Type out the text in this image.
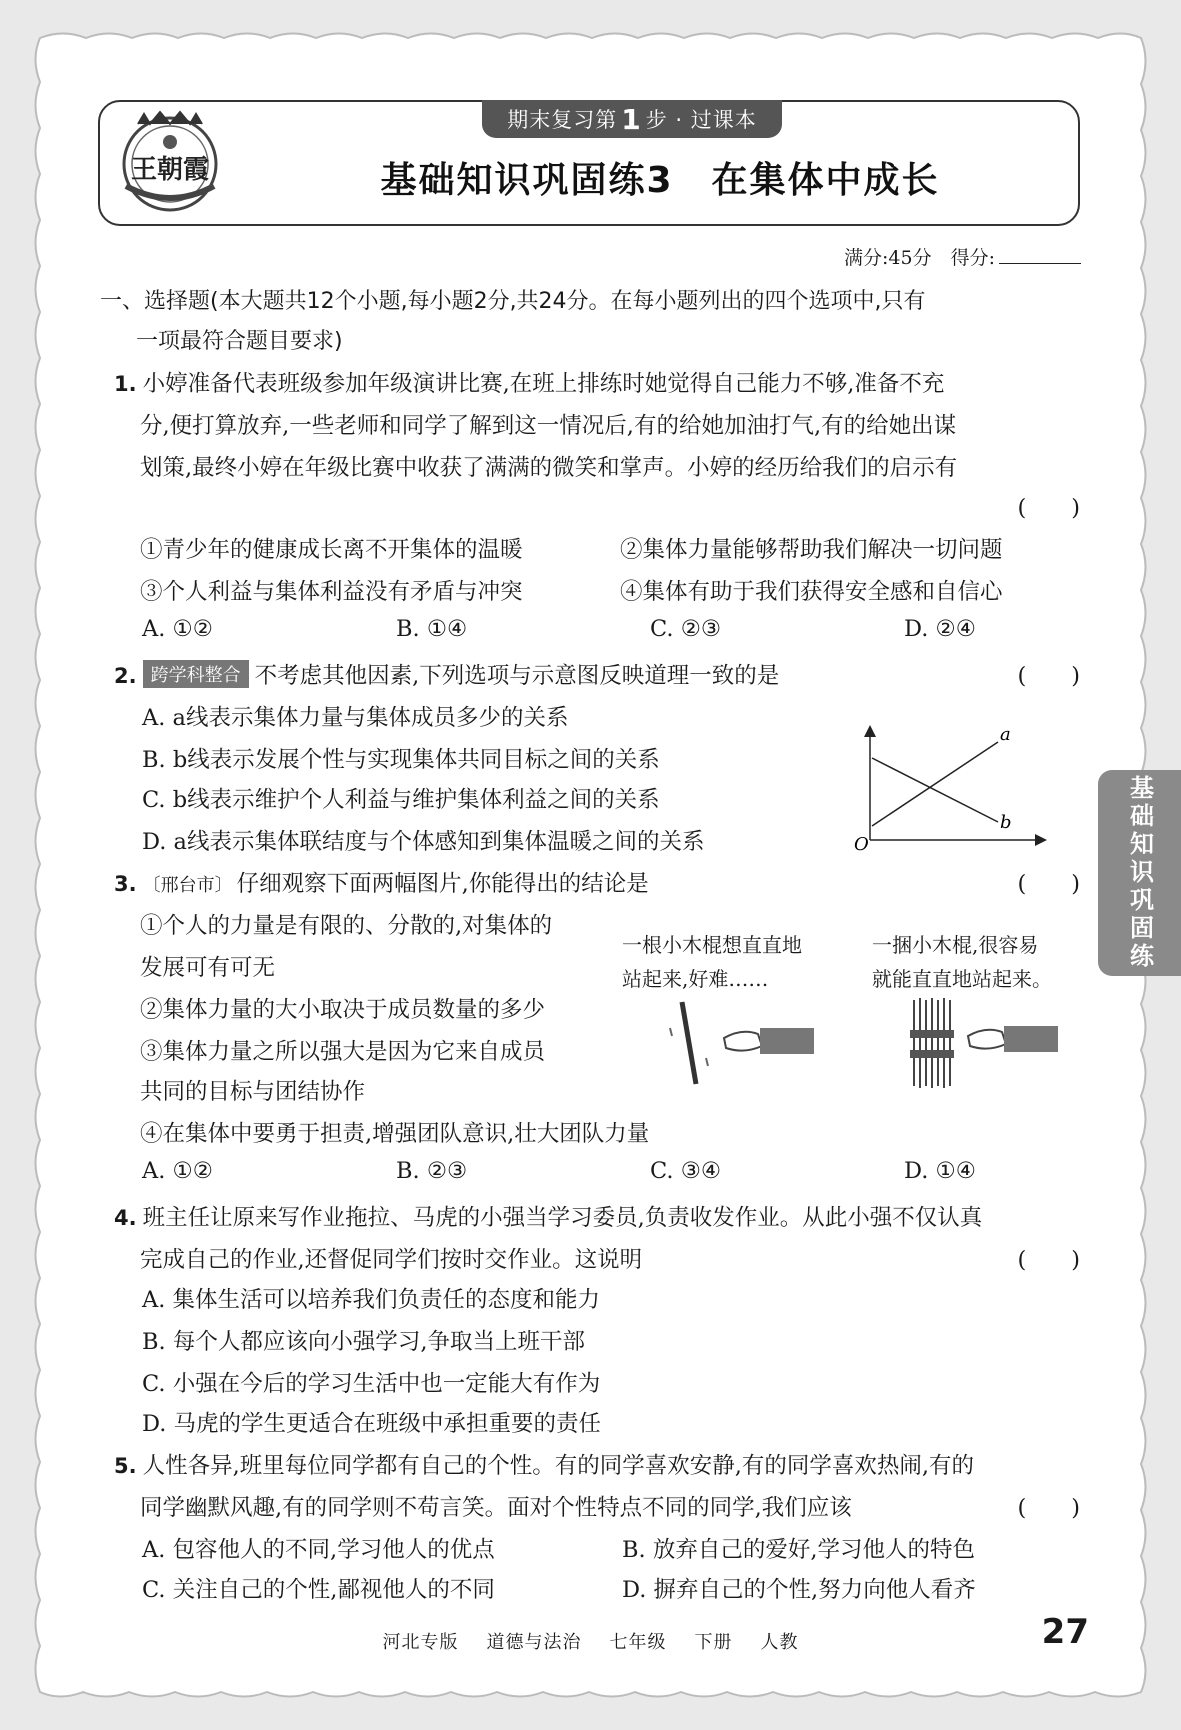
王朝霞
期末复习第 1 步 · 过课本
基础知识巩固练3　在集体中成长
满分:45分　得分:
基础知识巩固练
一、选择题(本大题共12个小题,每小题2分,共24分。在每小题列出的四个选项中,只有
一项最符合题目要求)
1. 小婷准备代表班级参加年级演讲比赛,在班上排练时她觉得自己能力不够,准备不充
分,便打算放弃,一些老师和同学了解到这一情况后,有的给她加油打气,有的给她出谋
划策,最终小婷在年级比赛中收获了满满的微笑和掌声。小婷的经历给我们的启示有
(　　)
①青少年的健康成长离不开集体的温暖	②集体力量能够帮助我们解决一切问题
③个人利益与集体利益没有矛盾与冲突	④集体有助于我们获得安全感和自信心
A. ①②	B. ①④	C. ②③	D. ②④
2. 跨学科整合 不考虑其他因素,下列选项与示意图反映道理一致的是	(　　)
A. a线表示集体力量与集体成员多少的关系
B. b线表示发展个性与实现集体共同目标之间的关系
C. b线表示维护个人利益与维护集体利益之间的关系
D. a线表示集体联结度与个体感知到集体温暖之间的关系
3. 〔邢台市〕 仔细观察下面两幅图片,你能得出的结论是	(　　)
①个人的力量是有限的、分散的,对集体的
发展可有可无
②集体力量的大小取决于成员数量的多少
③集体力量之所以强大是因为它来自成员
共同的目标与团结协作
④在集体中要勇于担责,增强团队意识,壮大团队力量
A. ①②	B. ②③	C. ③④	D. ①④
4. 班主任让原来写作业拖拉、马虎的小强当学习委员,负责收发作业。从此小强不仅认真
完成自己的作业,还督促同学们按时交作业。这说明	(　　)
A. 集体生活可以培养我们负责任的态度和能力
B. 每个人都应该向小强学习,争取当上班干部
C. 小强在今后的学习生活中也一定能大有作为
D. 马虎的学生更适合在班级中承担重要的责任
5. 人性各异,班里每位同学都有自己的个性。有的同学喜欢安静,有的同学喜欢热闹,有的
同学幽默风趣,有的同学则不苟言笑。面对个性特点不同的同学,我们应该	(　　)
A. 包容他人的不同,学习他人的优点	B. 放弃自己的爱好,学习他人的特色
C. 关注自己的个性,鄙视他人的不同	D. 摒弃自己的个性,努力向他人看齐
a
b
O
一根小木棍想直直地
站起来,好难……
一捆小木棍,很容易
就能直直地站起来。
河北专版 道德与法治 七年级 下册 人教	27
